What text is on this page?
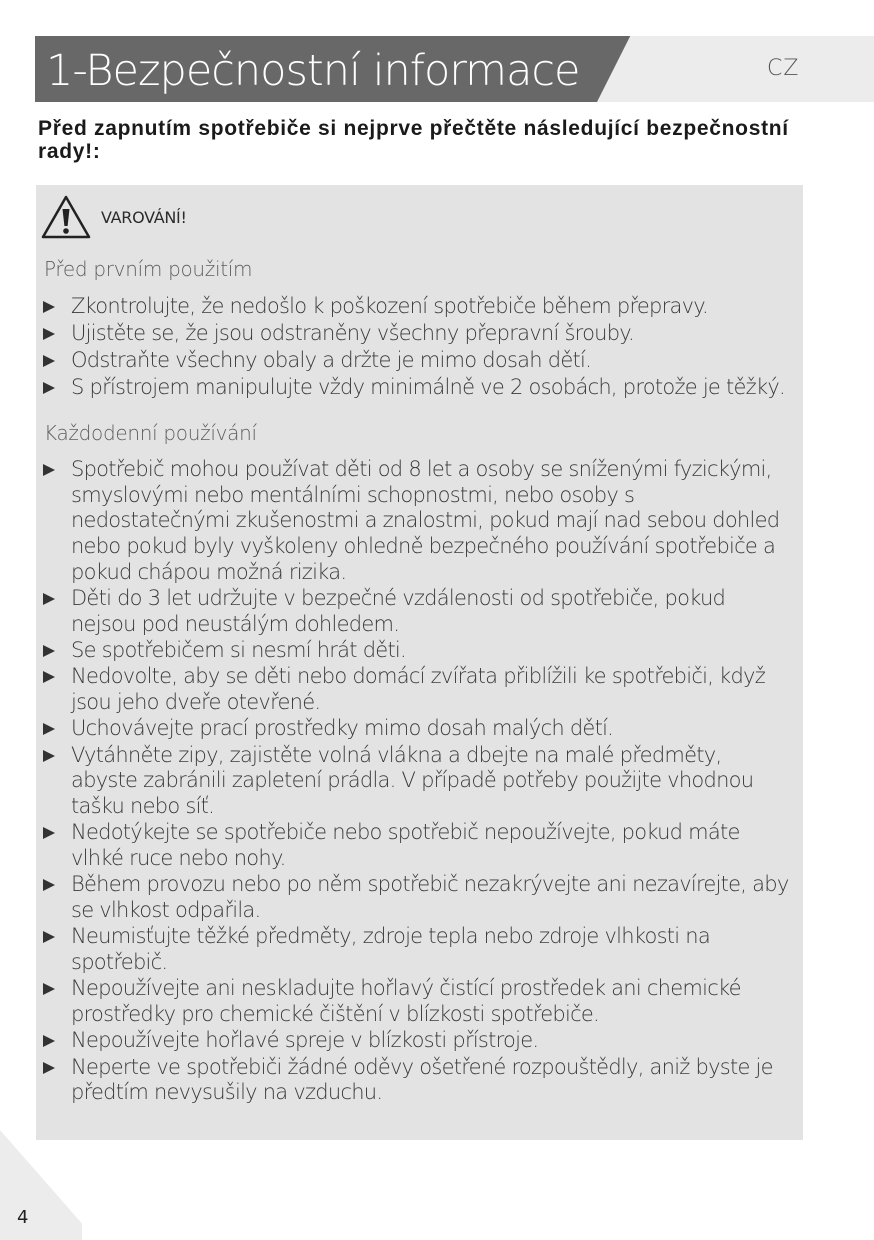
1-Bezpečnostní informace	CZ
Před zapnutím spotřebiče si nejprve přečtěte následující bezpečnostní rady!:
VAROVÁNÍ!
Před prvním použitím
Zkontrolujte, že nedošlo k poškození spotřebiče během přepravy.
Ujistěte se, že jsou odstraněny všechny přepravní šrouby.
Odstraňte všechny obaly a držte je mimo dosah dětí.
S přístrojem manipulujte vždy minimálně ve 2 osobách, protože je těžký.
Každodenní používání
Spotřebič mohou používat děti od 8 let a osoby se sníženými fyzickými, smyslovými nebo mentálními schopnostmi, nebo osoby s nedostatečnými zkušenostmi a znalostmi, pokud mají nad sebou dohled nebo pokud byly vyškoleny ohledně bezpečného používání spotřebiče a pokud chápou možná rizika.
Děti do 3 let udržujte v bezpečné vzdálenosti od spotřebiče, pokud nejsou pod neustálým dohledem.
Se spotřebičem si nesmí hrát děti.
Nedovolte, aby se děti nebo domácí zvířata přiblížili ke spotřebiči, když jsou jeho dveře otevřené.
Uchovávejte prací prostředky mimo dosah malých dětí.
Vytáhněte zipy, zajistěte volná vlákna a dbejte na malé předměty, abyste zabránili zapletení prádla. V případě potřeby použijte vhodnou tašku nebo síť.
Nedotýkejte se spotřebiče nebo spotřebič nepoužívejte, pokud máte vlhké ruce nebo nohy.
Během provozu nebo po něm spotřebič nezakrývejte ani nezavírejte, aby se vlhkost odpařila.
Neumisťujte těžké předměty, zdroje tepla nebo zdroje vlhkosti na spotřebič.
Nepoužívejte ani neskladujte hořlavý čistící prostředek ani chemické prostředky pro chemické čištění v blízkosti spotřebiče.
Nepoužívejte hořlavé spreje v blízkosti přístroje.
Neperte ve spotřebiči žádné oděvy ošetřené rozpouštědly, aniž byste je předtím nevysušily na vzduchu.
4
